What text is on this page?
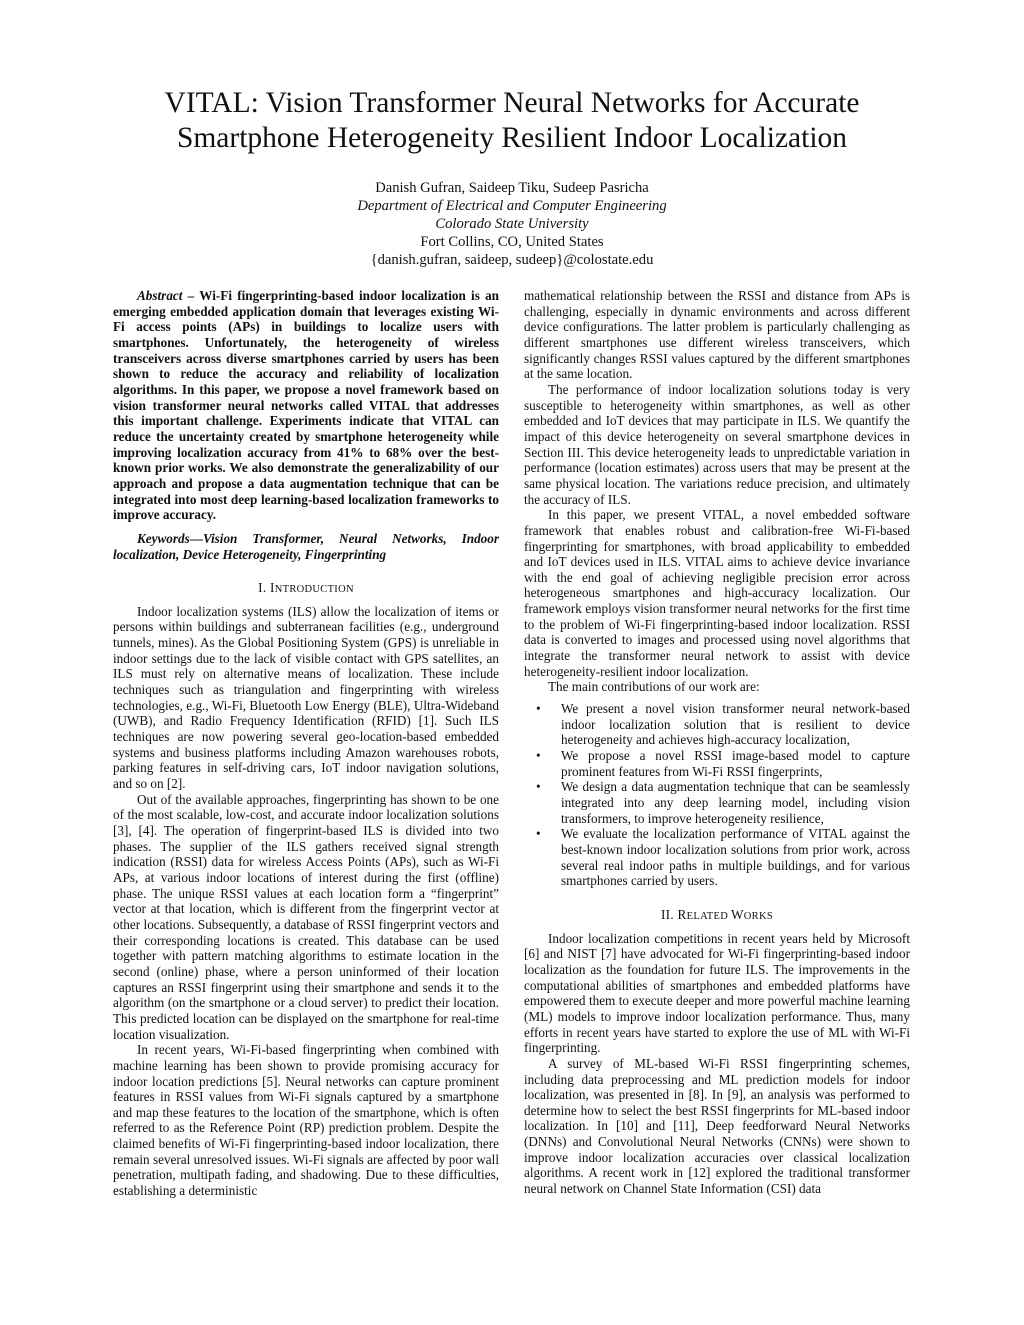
VITAL: Vision Transformer Neural Networks for Accurate
Smartphone Heterogeneity Resilient Indoor Localization
Danish Gufran, Saideep Tiku, Sudeep Pasricha
Department of Electrical and Computer Engineering
Colorado State University
Fort Collins, CO, United States
{danish.gufran, saideep, sudeep}@colostate.edu

Abstract – Wi-Fi fingerprinting-based indoor localization is an emerging embedded application domain that leverages existing Wi-Fi access points (APs) in buildings to localize users with smartphones. Unfortunately, the heterogeneity of wireless transceivers across diverse smartphones carried by users has been shown to reduce the accuracy and reliability of localization algorithms. In this paper, we propose a novel framework based on vision transformer neural networks called VITAL that addresses this important challenge. Experiments indicate that VITAL can reduce the uncertainty created by smartphone heterogeneity while improving localization accuracy from 41% to 68% over the best-known prior works. We also demonstrate the generalizability of our approach and propose a data augmentation technique that can be integrated into most deep learning-based localization frameworks to improve accuracy.

Keywords—Vision Transformer, Neural Networks, Indoor localization, Device Heterogeneity, Fingerprinting

I. INTRODUCTION

Indoor localization systems (ILS) allow the localization of items or persons within buildings and subterranean facilities (e.g., underground tunnels, mines). As the Global Positioning System (GPS) is unreliable in indoor settings due to the lack of visible contact with GPS satellites, an ILS must rely on alternative means of localization. These include techniques such as triangulation and fingerprinting with wireless technologies, e.g., Wi-Fi, Bluetooth Low Energy (BLE), Ultra-Wideband (UWB), and Radio Frequency Identification (RFID) [1]. Such ILS techniques are now powering several geo-location-based embedded systems and business platforms including Amazon warehouses robots, parking features in self-driving cars, IoT indoor navigation solutions, and so on [2].

Out of the available approaches, fingerprinting has shown to be one of the most scalable, low-cost, and accurate indoor localization solutions [3], [4]. The operation of fingerprint-based ILS is divided into two phases. The supplier of the ILS gathers received signal strength indication (RSSI) data for wireless Access Points (APs), such as Wi-Fi APs, at various indoor locations of interest during the first (offline) phase. The unique RSSI values at each location form a “fingerprint” vector at that location, which is different from the fingerprint vector at other locations. Subsequently, a database of RSSI fingerprint vectors and their corresponding locations is created. This database can be used together with pattern matching algorithms to estimate location in the second (online) phase, where a person uninformed of their location captures an RSSI fingerprint using their smartphone and sends it to the algorithm (on the smartphone or a cloud server) to predict their location. This predicted location can be displayed on the smartphone for real-time location visualization.

In recent years, Wi-Fi-based fingerprinting when combined with machine learning has been shown to provide promising accuracy for indoor location predictions [5]. Neural networks can capture prominent features in RSSI values from Wi-Fi signals captured by a smartphone and map these features to the location of the smartphone, which is often referred to as the Reference Point (RP) prediction problem. Despite the claimed benefits of Wi-Fi fingerprinting-based indoor localization, there remain several unresolved issues. Wi-Fi signals are affected by poor wall penetration, multipath fading, and shadowing. Due to these difficulties, establishing a deterministic

mathematical relationship between the RSSI and distance from APs is challenging, especially in dynamic environments and across different device configurations. The latter problem is particularly challenging as different smartphones use different wireless transceivers, which significantly changes RSSI values captured by the different smartphones at the same location.

The performance of indoor localization solutions today is very susceptible to heterogeneity within smartphones, as well as other embedded and IoT devices that may participate in ILS. We quantify the impact of this device heterogeneity on several smartphone devices in Section III. This device heterogeneity leads to unpredictable variation in performance (location estimates) across users that may be present at the same physical location. The variations reduce precision, and ultimately the accuracy of ILS.

In this paper, we present VITAL, a novel embedded software framework that enables robust and calibration-free Wi-Fi-based fingerprinting for smartphones, with broad applicability to embedded and IoT devices used in ILS. VITAL aims to achieve device invariance with the end goal of achieving negligible precision error across heterogeneous smartphones and high-accuracy localization. Our framework employs vision transformer neural networks for the first time to the problem of Wi-Fi fingerprinting-based indoor localization. RSSI data is converted to images and processed using novel algorithms that integrate the transformer neural network to assist with device heterogeneity-resilient indoor localization.

The main contributions of our work are:

• We present a novel vision transformer neural network-based indoor localization solution that is resilient to device heterogeneity and achieves high-accuracy localization,
• We propose a novel RSSI image-based model to capture prominent features from Wi-Fi RSSI fingerprints,
• We design a data augmentation technique that can be seamlessly integrated into any deep learning model, including vision transformers, to improve heterogeneity resilience,
• We evaluate the localization performance of VITAL against the best-known indoor localization solutions from prior work, across several real indoor paths in multiple buildings, and for various smartphones carried by users.
II. RELATED WORKS

Indoor localization competitions in recent years held by Microsoft [6] and NIST [7] have advocated for Wi-Fi fingerprinting-based indoor localization as the foundation for future ILS. The improvements in the computational abilities of smartphones and embedded platforms have empowered them to execute deeper and more powerful machine learning (ML) models to improve indoor localization performance. Thus, many efforts in recent years have started to explore the use of ML with Wi-Fi fingerprinting.

A survey of ML-based Wi-Fi RSSI fingerprinting schemes, including data preprocessing and ML prediction models for indoor localization, was presented in [8]. In [9], an analysis was performed to determine how to select the best RSSI fingerprints for ML-based indoor localization. In [10] and [11], Deep feedforward Neural Networks (DNNs) and Convolutional Neural Networks (CNNs) were shown to improve indoor localization accuracies over classical localization algorithms. A recent work in [12] explored the traditional transformer neural network on Channel State Information (CSI) data
